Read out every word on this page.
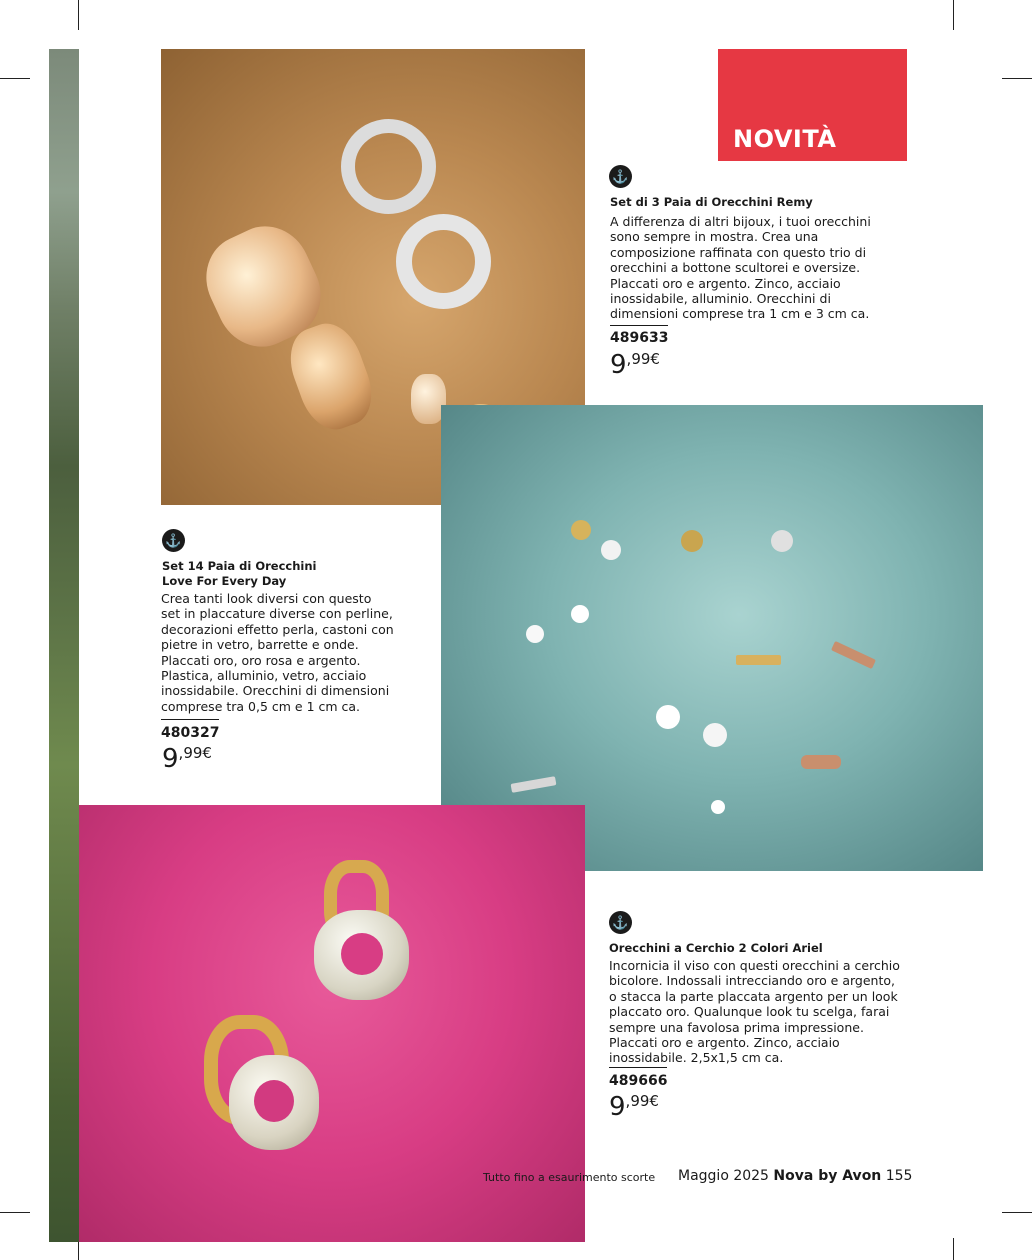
NOVITÀ
⚓
Set di 3 Paia di Orecchini Remy
A differenza di altri bijoux, i tuoi orecchini
sono sempre in mostra. Crea una
composizione raffinata con questo trio di
orecchini a bottone scultorei e oversize.
Placcati oro e argento. Zinco, acciaio
inossidabile, alluminio. Orecchini di
dimensioni comprese tra 1 cm e 3 cm ca.
489633
9,99€
⚓
Set 14 Paia di Orecchini
Love For Every Day
Crea tanti look diversi con questo
set in placcature diverse con perline,
decorazioni effetto perla, castoni con
pietre in vetro, barrette e onde.
Placcati oro, oro rosa e argento.
Plastica, alluminio, vetro, acciaio
inossidabile. Orecchini di dimensioni
comprese tra 0,5 cm e 1 cm ca.
480327
9,99€
⚓
Orecchini a Cerchio 2 Colori Ariel
Incornicia il viso con questi orecchini a cerchio
bicolore. Indossali intrecciando oro e argento,
o stacca la parte placcata argento per un look
placcato oro. Qualunque look tu scelga, farai
sempre una favolosa prima impressione.
Placcati oro e argento. Zinco, acciaio
inossidabile. 2,5x1,5 cm ca.
489666
9,99€
Tutto fino a esaurimento scorte Maggio 2025 Nova by Avon 155
